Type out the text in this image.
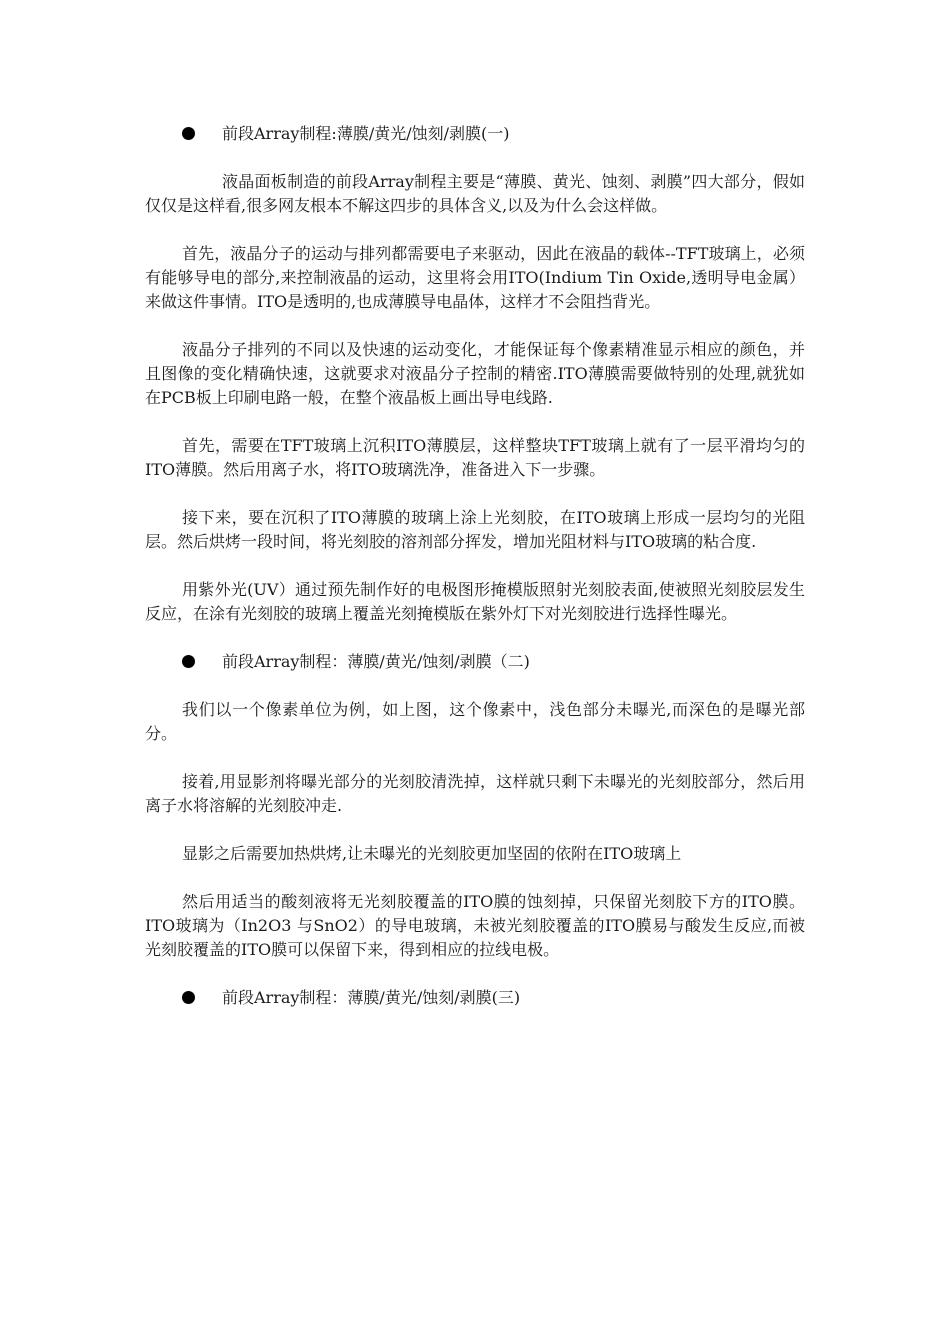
前段Array制程:薄膜/黄光/蚀刻/剥膜(一)

液晶面板制造的前段Array制程主要是“薄膜、黄光、蚀刻、剥膜”四大部分，假如仅仅是这样看,很多网友根本不解这四步的具体含义,以及为什么会这样做。

首先，液晶分子的运动与排列都需要电子来驱动，因此在液晶的载体--TFT玻璃上，必须有能够导电的部分,来控制液晶的运动，这里将会用ITO(Indium Tin Oxide,透明导电金属）来做这件事情。ITO是透明的,也成薄膜导电晶体，这样才不会阻挡背光。

液晶分子排列的不同以及快速的运动变化，才能保证每个像素精准显示相应的颜色，并且图像的变化精确快速，这就要求对液晶分子控制的精密.ITO薄膜需要做特别的处理,就犹如在PCB板上印刷电路一般，在整个液晶板上画出导电线路.

首先，需要在TFT玻璃上沉积ITO薄膜层，这样整块TFT玻璃上就有了一层平滑均匀的ITO薄膜。然后用离子水，将ITO玻璃洗净，准备进入下一步骤。

接下来，要在沉积了ITO薄膜的玻璃上涂上光刻胶，在ITO玻璃上形成一层均匀的光阻层。然后烘烤一段时间，将光刻胶的溶剂部分挥发，增加光阻材料与ITO玻璃的粘合度.

用紫外光(UV）通过预先制作好的电极图形掩模版照射光刻胶表面,使被照光刻胶层发生反应，在涂有光刻胶的玻璃上覆盖光刻掩模版在紫外灯下对光刻胶进行选择性曝光。

前段Array制程：薄膜/黄光/蚀刻/剥膜（二)

我们以一个像素单位为例，如上图，这个像素中，浅色部分未曝光,而深色的是曝光部分。

接着,用显影剂将曝光部分的光刻胶清洗掉，这样就只剩下未曝光的光刻胶部分，然后用离子水将溶解的光刻胶冲走.

显影之后需要加热烘烤,让未曝光的光刻胶更加坚固的依附在ITO玻璃上

然后用适当的酸刻液将无光刻胶覆盖的ITO膜的蚀刻掉，只保留光刻胶下方的ITO膜。ITO玻璃为（In2O3 与SnO2）的导电玻璃，未被光刻胶覆盖的ITO膜易与酸发生反应,而被光刻胶覆盖的ITO膜可以保留下来，得到相应的拉线电极。

前段Array制程：薄膜/黄光/蚀刻/剥膜(三)
